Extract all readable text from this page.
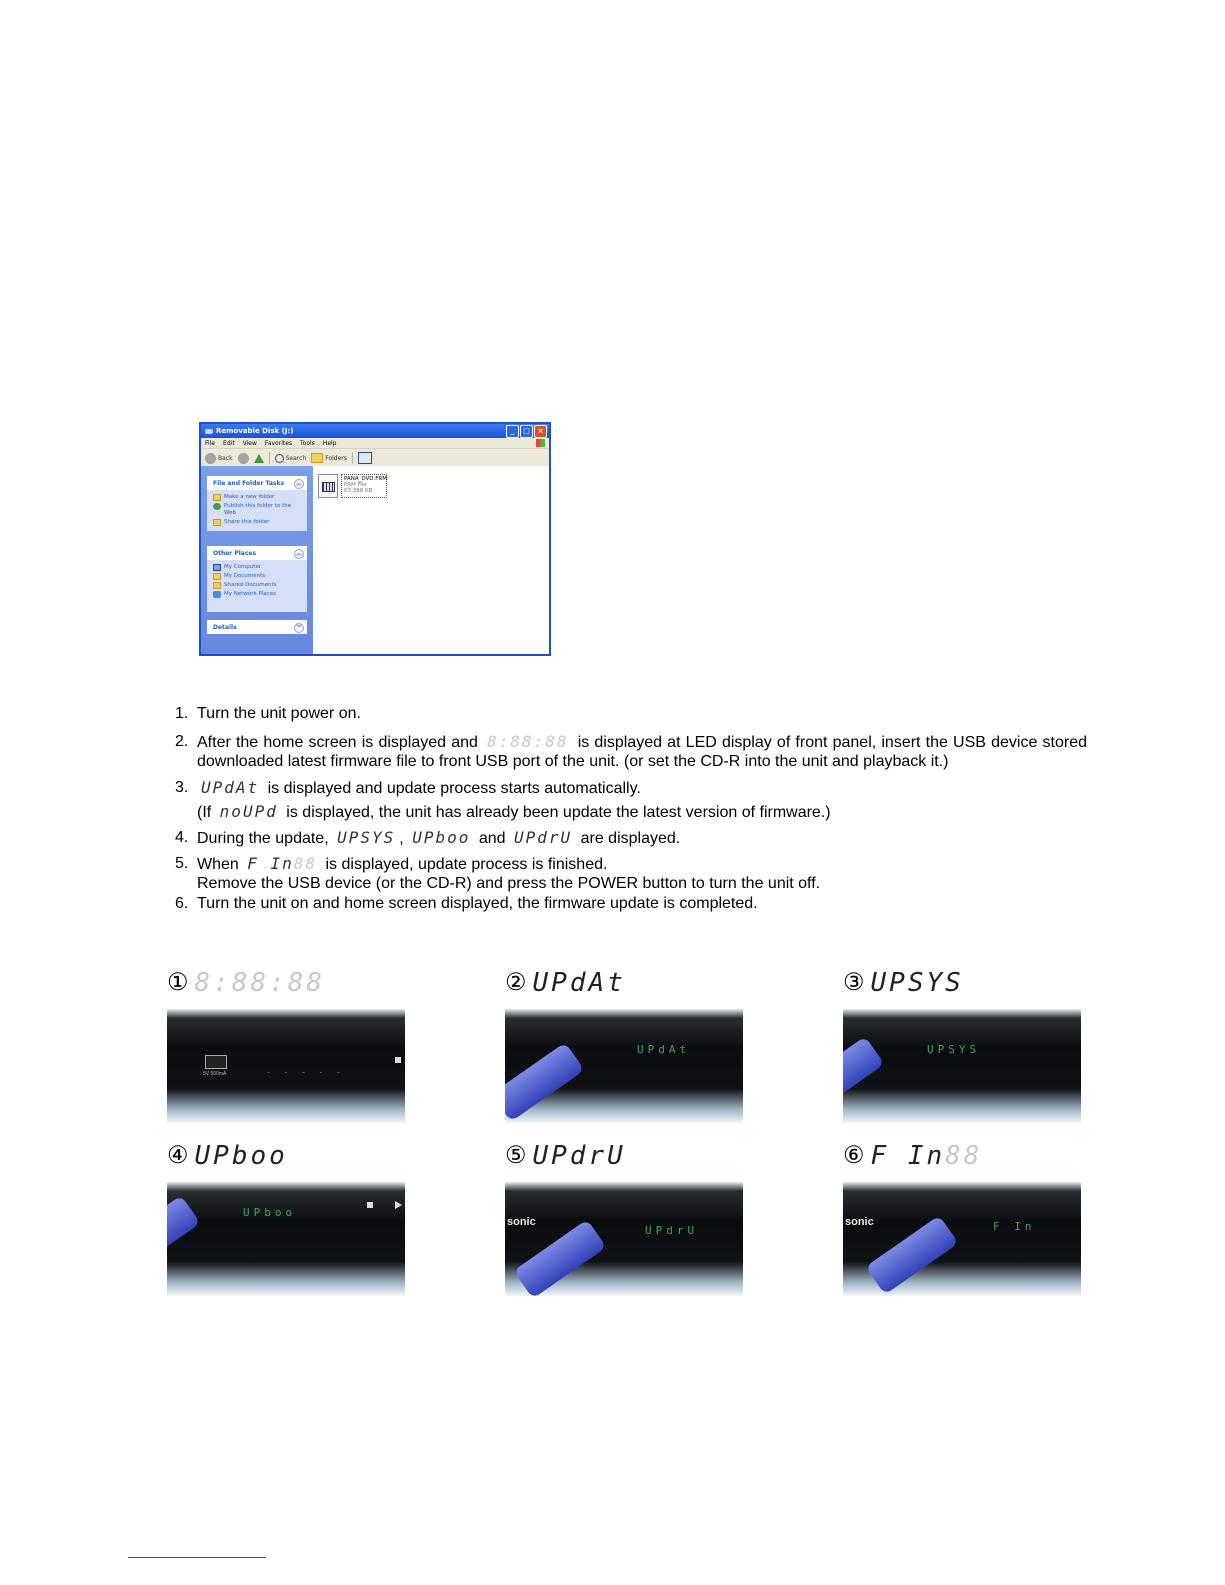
Removable Disk (J:)	_	□	×
File Edit View Favorites Tools Help
Back	Search	Folders
File and Folder Tasks	︽
Make a new folder
Publish this folder to the Web
Share this folder
Other Places	︽
My Computer
My Documents
Shared Documents
My Network Places
Details	︾
PANA_DVD.FRM
FRM File
63,388 KB
1. Turn the unit power on.
2. After the home screen is displayed and 8:88:88 is displayed at LED display of front panel, insert the USB device stored downloaded latest firmware file to front USB port of the unit. (or set the CD-R into the unit and playback it.)
3. UPdAt is displayed and update process starts automatically.
(If noUPd is displayed, the unit has already been update the latest version of firmware.)
4. During the update, UPSYS , UPboo and UPdrU are displayed.
5. When F In88 is displayed, update process is finished.
Remove the USB device (or the CD-R) and press the POWER button to turn the unit off.
6. Turn the unit on and home screen displayed, the firmware update is completed.
① 8:88:88
5V 500mA	- - - - -
② UPdAt
UPdAt
③ UPSYS
UPSYS
④ UPboo
UPboo
⑤ UPdrU
sonic
UPdrU
⑥ F In88
sonic	F In
